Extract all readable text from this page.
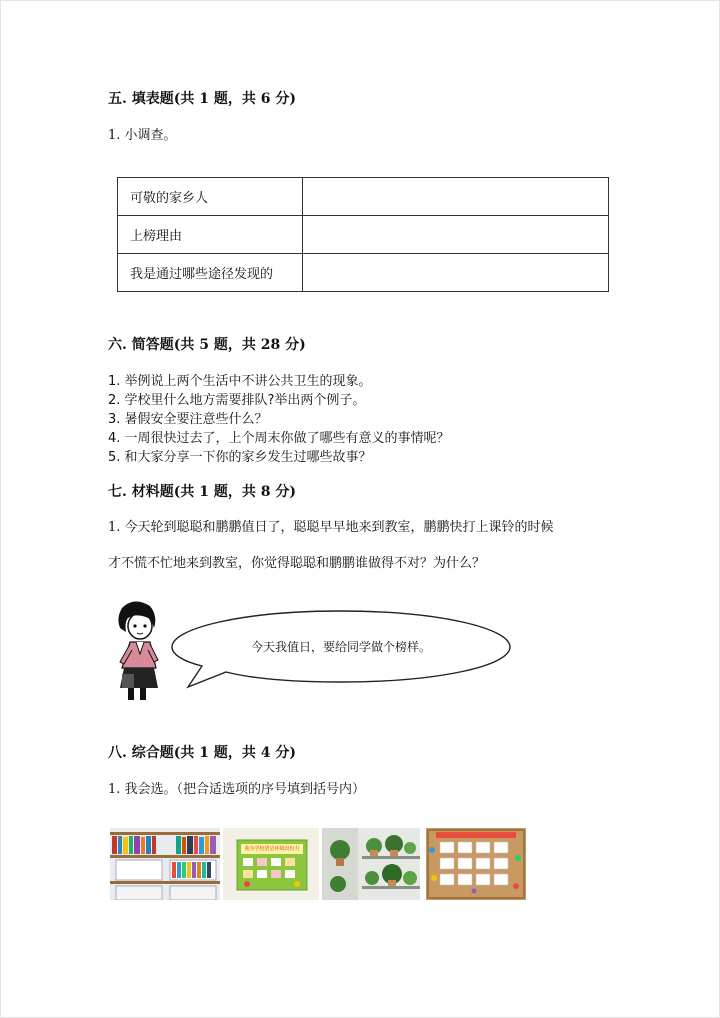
五. 填表题(共 1 题，共 6 分)
1. 小调查。
可敬的家乡人	
上榜理由	
我是通过哪些途径发现的	
六. 简答题(共 5 题，共 28 分)
1. 举例说上两个生活中不讲公共卫生的现象。
2. 学校里什么地方需要排队?举出两个例子。
3. 暑假安全要注意些什么？
4. 一周很快过去了，上个周末你做了哪些有意义的事情呢？
5. 和大家分享一下你的家乡发生过哪些故事？
七. 材料题(共 1 题，共 8 分)
1. 今天轮到聪聪和鹏鹏值日了，聪聪早早地来到教室，鹏鹏快打上课铃的时候
才不慌不忙地来到教室，你觉得聪聪和鹏鹏谁做得不对？为什么？
今天我值日，要给同学做个榜样。
八. 综合题(共 1 题，共 4 分)
1. 我会选。（把合适选项的序号填到括号内）
我为学校清洁环境出份力
